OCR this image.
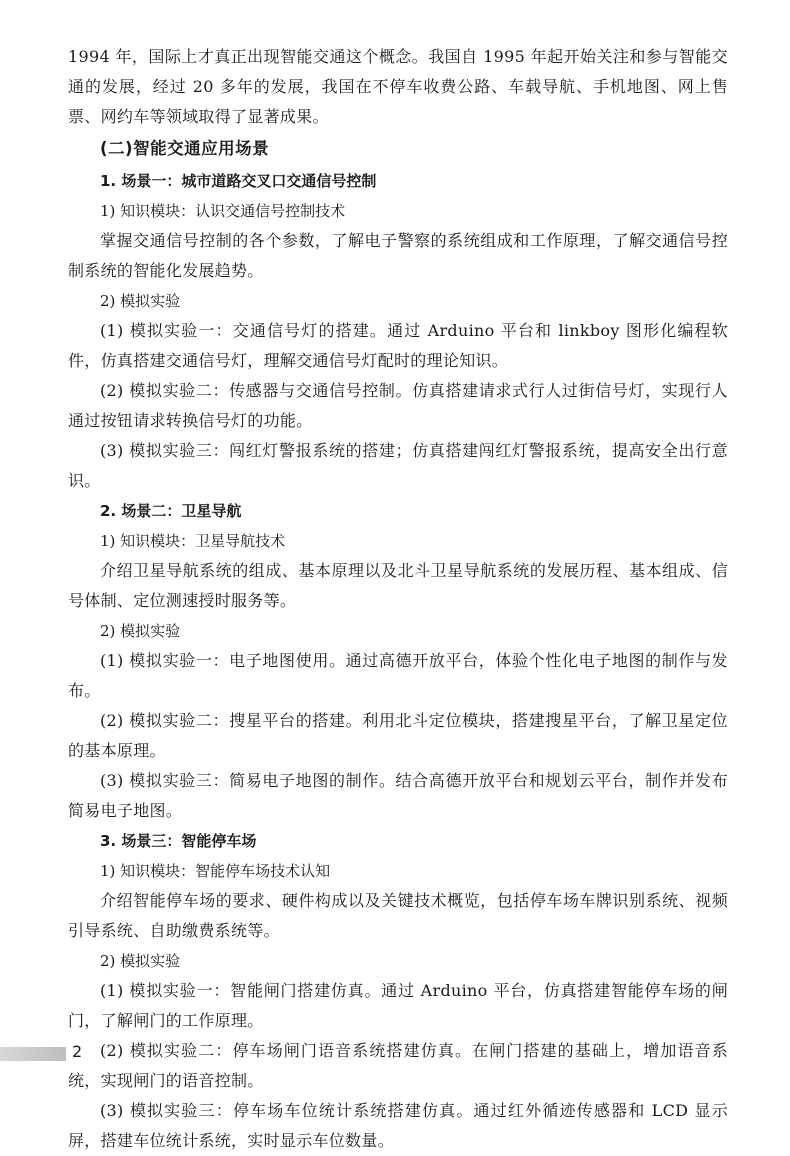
1994 年，国际上才真正出现智能交通这个概念。我国自 1995 年起开始关注和参与智能交通的发展，经过 20 多年的发展，我国在不停车收费公路、车载导航、手机地图、网上售票、网约车等领域取得了显著成果。

(二)智能交通应用场景

1. 场景一：城市道路交叉口交通信号控制

1) 知识模块：认识交通信号控制技术

掌握交通信号控制的各个参数，了解电子警察的系统组成和工作原理，了解交通信号控制系统的智能化发展趋势。

2) 模拟实验

(1) 模拟实验一：交通信号灯的搭建。通过 Arduino 平台和 linkboy 图形化编程软件，仿真搭建交通信号灯，理解交通信号灯配时的理论知识。

(2) 模拟实验二：传感器与交通信号控制。仿真搭建请求式行人过街信号灯，实现行人通过按钮请求转换信号灯的功能。

(3) 模拟实验三：闯红灯警报系统的搭建；仿真搭建闯红灯警报系统，提高安全出行意识。

2. 场景二：卫星导航

1) 知识模块：卫星导航技术

介绍卫星导航系统的组成、基本原理以及北斗卫星导航系统的发展历程、基本组成、信号体制、定位测速授时服务等。

2) 模拟实验

(1) 模拟实验一：电子地图使用。通过高德开放平台，体验个性化电子地图的制作与发布。

(2) 模拟实验二：搜星平台的搭建。利用北斗定位模块，搭建搜星平台，了解卫星定位的基本原理。

(3) 模拟实验三：简易电子地图的制作。结合高德开放平台和规划云平台，制作并发布简易电子地图。

3. 场景三：智能停车场

1) 知识模块：智能停车场技术认知

介绍智能停车场的要求、硬件构成以及关键技术概览，包括停车场车牌识别系统、视频引导系统、自助缴费系统等。

2) 模拟实验

(1) 模拟实验一：智能闸门搭建仿真。通过 Arduino 平台，仿真搭建智能停车场的闸门，了解闸门的工作原理。

(2) 模拟实验二：停车场闸门语音系统搭建仿真。在闸门搭建的基础上，增加语音系统，实现闸门的语音控制。

(3) 模拟实验三：停车场车位统计系统搭建仿真。通过红外循迹传感器和 LCD 显示屏，搭建车位统计系统，实时显示车位数量。

2
